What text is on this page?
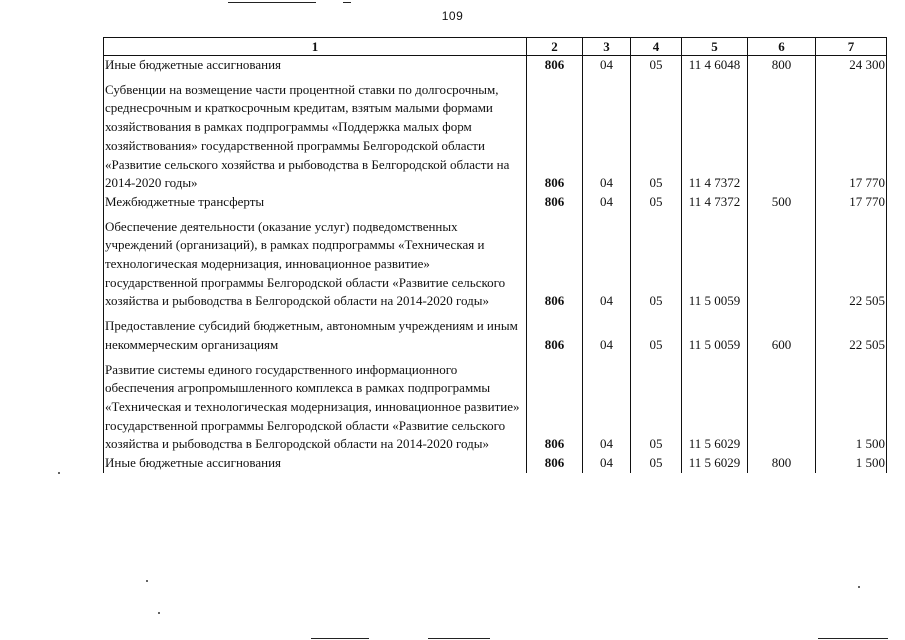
109
1	2	3	4	5	6	7
Иные бюджетные ассигнования	806	04	05	11 4 6048	800	24 300
Субвенции на возмещение части процентной ставки по долгосрочным, среднесрочным и краткосрочным кредитам, взятым малыми формами хозяйствования в рамках подпрограммы «Поддержка малых форм хозяйствования» государственной программы Белгородской области «Развитие сельского хозяйства и рыбоводства в Белгородской области на 2014-2020 годы»	806	04	05	11 4 7372		17 770
Межбюджетные трансферты	806	04	05	11 4 7372	500	17 770
Обеспечение деятельности (оказание услуг) подведомственных учреждений (организаций), в рамках подпрограммы «Техническая и технологическая модернизация, инновационное развитие» государственной программы Белгородской области «Развитие сельского хозяйства и рыбоводства в Белгородской области на 2014-2020 годы»	806	04	05	11 5 0059		22 505
Предоставление субсидий бюджетным, автономным учреждениям и иным некоммерческим организациям	806	04	05	11 5 0059	600	22 505
Развитие системы единого государственного информационного обеспечения агропромышленного комплекса в рамках подпрограммы «Техническая и технологическая модернизация, инновационное развитие» государственной программы Белгородской области «Развитие сельского хозяйства и рыбоводства в Белгородской области на 2014-2020 годы»	806	04	05	11 5 6029		1 500
Иные бюджетные ассигнования	806	04	05	11 5 6029	800	1 500
